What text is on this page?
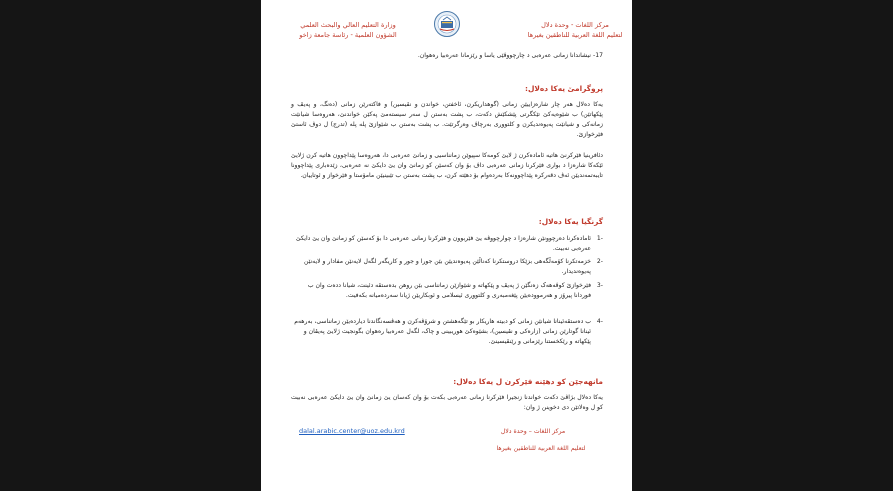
مركز اللغات - وحدة دلال
لتعليم اللغة العربية للناطقين بغيرها
وزارة التعليم العالي والبحث العلمي
الشؤون العلمية - رئاسة جامعة زاخو
17-
نیشاندانا زمانی عەرەبی د چارچووڤێی یاسا و رێزمانا عەرەبیا رەهوان.
پروگرامێ یەکا دەلال:
یەکا دەلال هەر چار شارەزاییێن زمانی (گوهداریکرن، ئاخفتن، خواندن و نڤیسین) و فاکتەرێن زمانی (دەنگ، و پەیڤ و پێکهاتێن) ب شێوەیەکێ تێکگرتی پێشکێش دکەت، ب پشت بەستن ل سەر سیستەمێ پەکێن خواندنێ، هەروەسا شیانێت زمانەکی و شیانێت پەیوەندیکرن و کلتووری بەرچاڤ وەرگرتێت. ب پشت بەستن ب شێوازێ پلە پلە (تدرج) ل دوڤ ئاستێ فێرخوازێ.
دئافرینیا فێرکرنێ هاتیە ئامادەکرن ژ لایێ کومەکا سپیوێن زمانناسیی و زمانێ عەرەبی دا، هەروەسا پێداچوون هاتیە کرن ژلایێ ئێکەکا شارەزا د بواری فێرکرنا زمانی عەرەبی داڤ بۆ وان کەسێن کو زمانێ وان یێ دایکێ نە عەرەبی، زێدەباری پێداچوونا تایبەتمەندیێن ئەڤ دقەرکرە پێداچوونەکا بەردەوام بۆ دهێتە کرن، ب پشت بەستن ب تێبینیێن مامۆستا و فێرخواز و ئوتاییان.
گرنگیا یەکا دەلال:
-1
ئامادەکرنا دەرچوونێن شارەزا د چوارچووڤە یێ فێربوون و فێرکرنا زمانی عەرەبی دا بۆ کەسێن کو زمانێ وان یێ دایکێ عەرەبی نەبیت.
-2
خزمەتکرنا کۆمەڵگەهی بزێکا دروستکرنا کەناڵێن پەیوەندیێن بێن جورا و جور و کاریگەر لگەل لایەنێن مفادار و لایەنێن پەیوەندیدار.
-3
فێرخوازێ کوڤەهەک زەنگێن ژ پەیڤ و پێکهاتە و شێوازێن زمانناسی بێن روهن بدەستڤە دئینت، شیانا ددەت وان ب فوردانا پیرۆز و هەرموودەیێن پێغەمبەری و کلتووری ئیسلامی و ئوبکاریێن ژیانا سەردەمیانە بکەفیت.
-4
ب دەستڤەئینانا شیانێن زمانی کو دبیتە هاریکار بو تێگەهشتن و شرۆڤەکرن و هەڤسەنگاندنا دیاردەیێن زمانناسی، بەرهەم ئینانا گوتارێن زمانی (زارەکی و نڤیسین)، بشێوەکێ هوریبینی و چاک، لگەل عەرەبیا رەهوان بگونجیت ژلایێ پەیڤان و پێکهاتە و رێکخستنا رێزمانی و رێنڤیسینێ.
مانهەجێن کو دهێنە فێرکرن ل یەکا دەلال:
یەکا دەلال بژاڤێ دکەت خواندنا زنجیرا فێرکرنا زمانی عەرەبی بکەت بۆ وان کەسان یێ زمانێ وان یێ دایکێ عەرەبی نەبیت کو ل وەلاتێن دی دخوینن ژ وان:
dalal.arabic.center@uoz.edu.krd	مركز اللغات – وحدة دلال
لتعليم اللغة العربية للناطقين بغيرها
